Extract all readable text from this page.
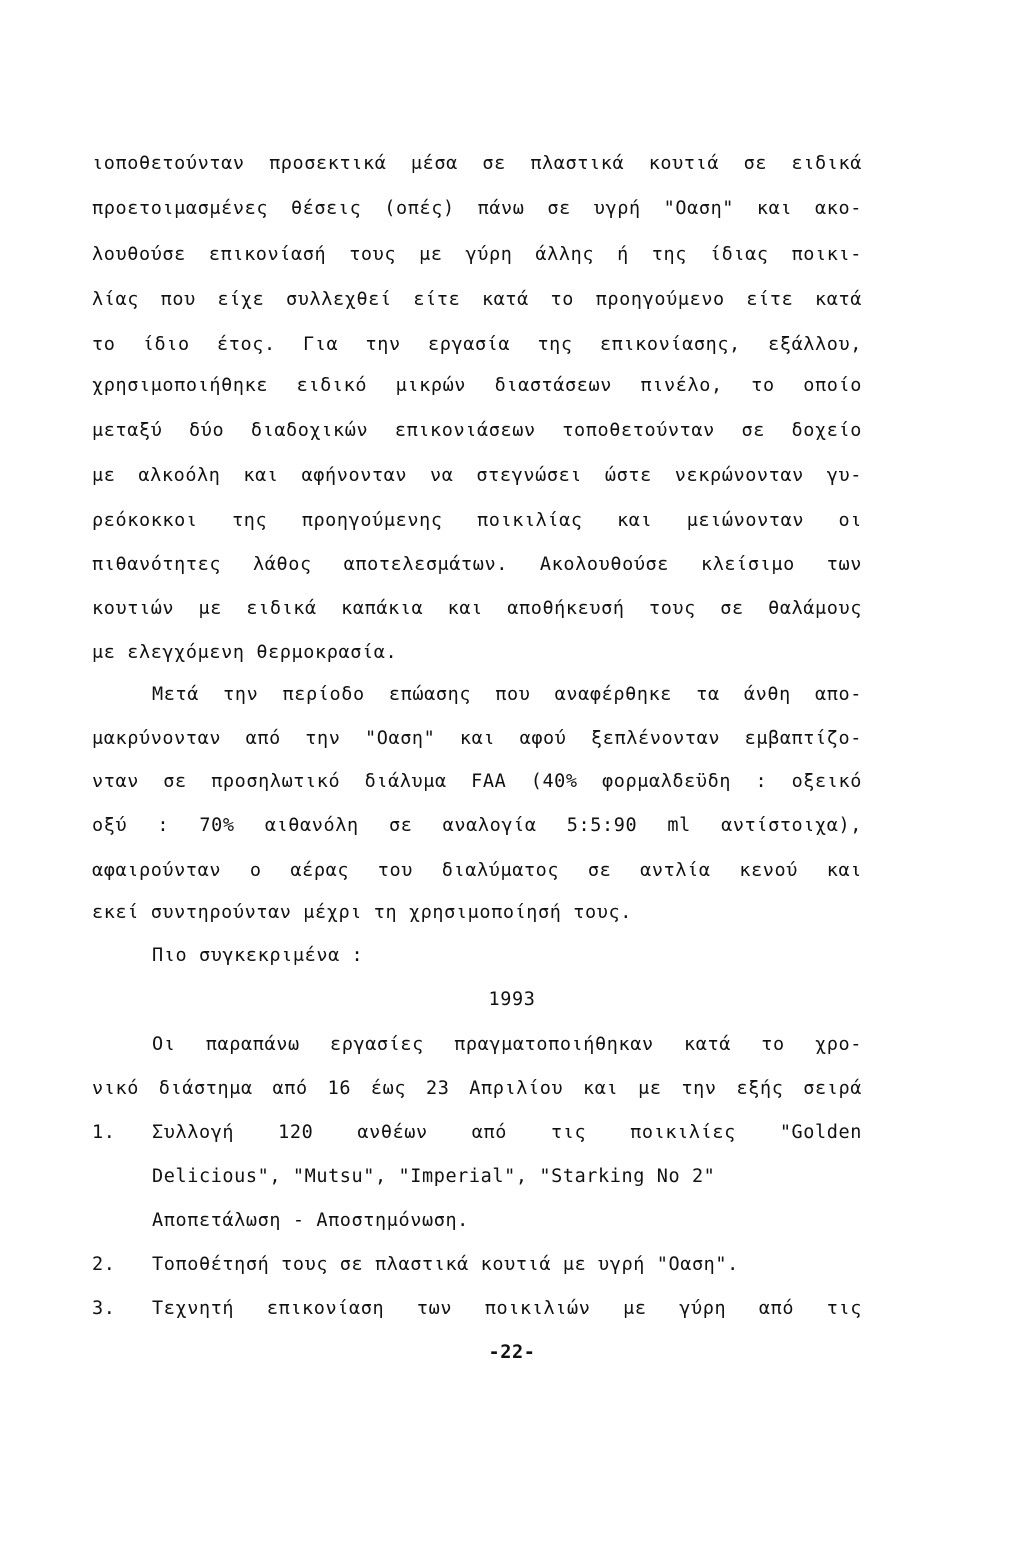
ιοποθετούνταν προσεκτικά μέσα σε πλαστικά κουτιά σε ειδικά
προετοιμασμένες θέσεις (οπές) πάνω σε υγρή "Oαση" και ακο-
λουθούσε επικονίασή τους με γύρη άλλης ή της ίδιας ποικι-
λίας που είχε συλλεχθεί είτε κατά το προηγούμενο είτε κατά
το ίδιο έτος. Για την εργασία της επικονίασης, εξάλλου,
χρησιμοποιήθηκε ειδικό μικρών διαστάσεων πινέλο, το οποίο
μεταξύ δύο διαδοχικών επικονιάσεων τοποθετούνταν σε δοχείο
με αλκοόλη και αφήνονταν να στεγνώσει ώστε νεκρώνονταν γυ-
ρεόκοκκοι της προηγούμενης ποικιλίας και μειώνονταν οι
πιθανότητες λάθος αποτελεσμάτων. Ακολουθούσε κλείσιμο των
κουτιών με ειδικά καπάκια και αποθήκευσή τους σε θαλάμους
με ελεγχόμενη θερμοκρασία.
Μετά την περίοδο επώασης που αναφέρθηκε τα άνθη απο-
μακρύνονταν από την "Oαση" και αφού ξεπλένονταν εμβαπτίζο-
νταν σε προσηλωτικό διάλυμα FAA (40% φορμαλδεϋδη : οξεικό
οξύ : 70% αιθανόλη σε αναλογία 5:5:90 ml αντίστοιχα),
αφαιρούνταν ο αέρας του διαλύματος σε αντλία κενού και
εκεί συντηρούνταν μέχρι τη χρησιμοποίησή τους.
Πιο συγκεκριμένα :
1993
Οι παραπάνω εργασίες πραγματοποιήθηκαν κατά το χρο-
νικό διάστημα από 16 έως 23 Απριλίου και με την εξής σειρά
1.	Συλλογή 120 ανθέων από τις ποικιλίες "Golden
Delicious", "Mutsu", "Imperial", "Starking No 2"
Αποπετάλωση - Αποστημόνωση.
2.	Τοποθέτησή τους σε πλαστικά κουτιά με υγρή "Oαση".
3.	Τεχνητή επικονίαση των ποικιλιών με γύρη από τις
-22-
